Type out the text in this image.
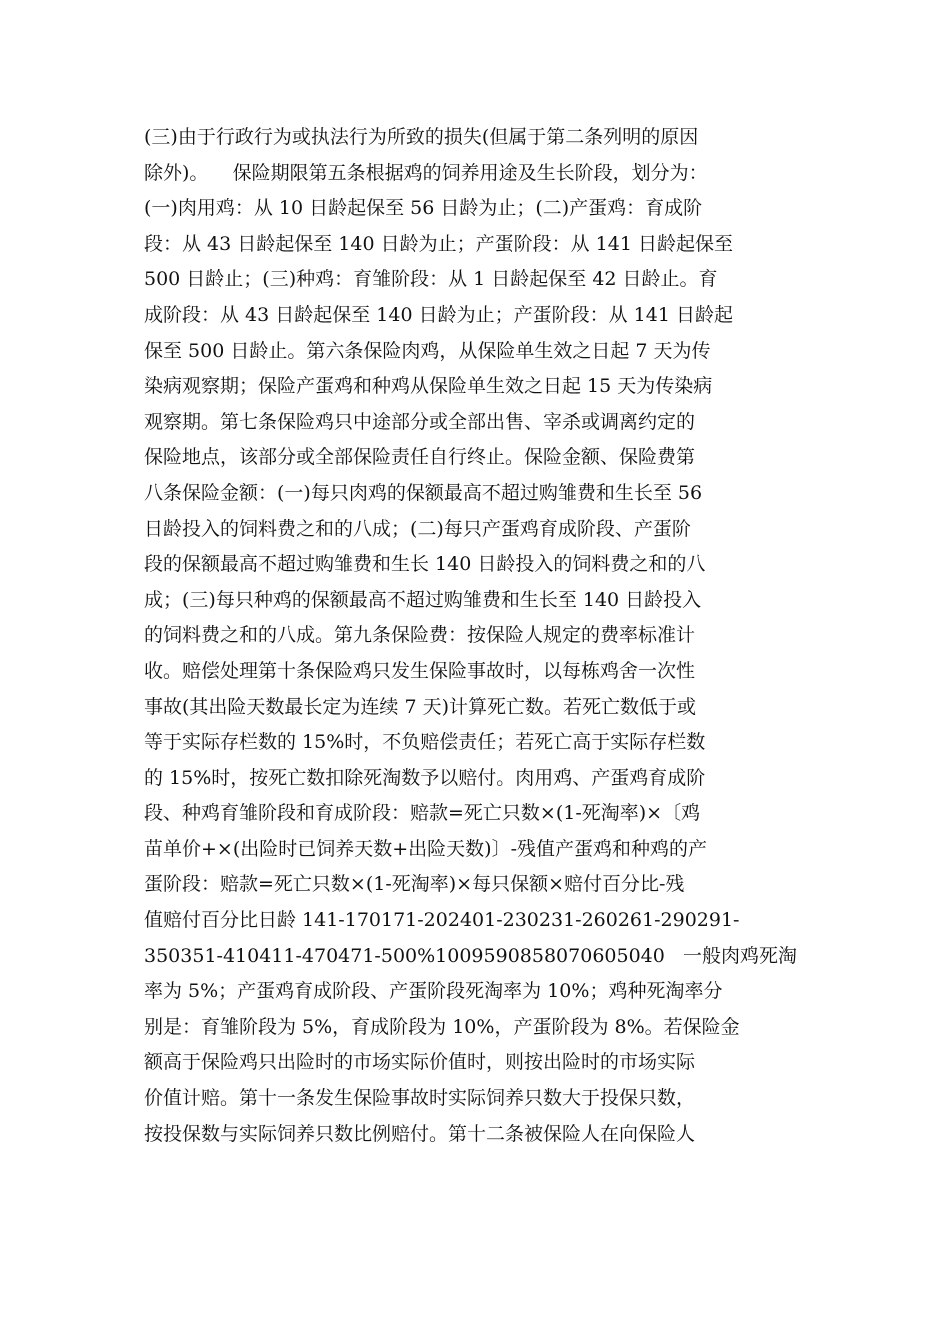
(三)由于行政行为或执法行为所致的损失(但属于第二条列明的原因
除外)。    保险期限第五条根据鸡的饲养用途及生长阶段，划分为：
(一)肉用鸡：从 10 日龄起保至 56 日龄为止；(二)产蛋鸡：育成阶
段：从 43 日龄起保至 140 日龄为止；产蛋阶段：从 141 日龄起保至
500 日龄止；(三)种鸡：育雏阶段：从 1 日龄起保至 42 日龄止。育
成阶段：从 43 日龄起保至 140 日龄为止；产蛋阶段：从 141 日龄起
保至 500 日龄止。第六条保险肉鸡，从保险单生效之日起 7 天为传
染病观察期；保险产蛋鸡和种鸡从保险单生效之日起 15 天为传染病
观察期。第七条保险鸡只中途部分或全部出售、宰杀或调离约定的
保险地点，该部分或全部保险责任自行终止。保险金额、保险费第
八条保险金额：(一)每只肉鸡的保额最高不超过购雏费和生长至 56
日龄投入的饲料费之和的八成；(二)每只产蛋鸡育成阶段、产蛋阶
段的保额最高不超过购雏费和生长 140 日龄投入的饲料费之和的八
成；(三)每只种鸡的保额最高不超过购雏费和生长至 140 日龄投入
的饲料费之和的八成。第九条保险费：按保险人规定的费率标准计
收。赔偿处理第十条保险鸡只发生保险事故时，以每栋鸡舍一次性
事故(其出险天数最长定为连续 7 天)计算死亡数。若死亡数低于或
等于实际存栏数的 15%时，不负赔偿责任；若死亡高于实际存栏数
的 15%时，按死亡数扣除死淘数予以赔付。肉用鸡、产蛋鸡育成阶
段、种鸡育雏阶段和育成阶段：赔款=死亡只数×(1-死淘率)×〔鸡
苗单价+×(出险时已饲养天数+出险天数)〕-残值产蛋鸡和种鸡的产
蛋阶段：赔款=死亡只数×(1-死淘率)×每只保额×赔付百分比-残
值赔付百分比日龄 141-170171-202401-230231-260261-290291-
350351-410411-470471-500%1009590858070605040   一般肉鸡死淘
率为 5%；产蛋鸡育成阶段、产蛋阶段死淘率为 10%；鸡种死淘率分
别是：育雏阶段为 5%，育成阶段为 10%，产蛋阶段为 8%。若保险金
额高于保险鸡只出险时的市场实际价值时，则按出险时的市场实际
价值计赔。第十一条发生保险事故时实际饲养只数大于投保只数，
按投保数与实际饲养只数比例赔付。第十二条被保险人在向保险人
